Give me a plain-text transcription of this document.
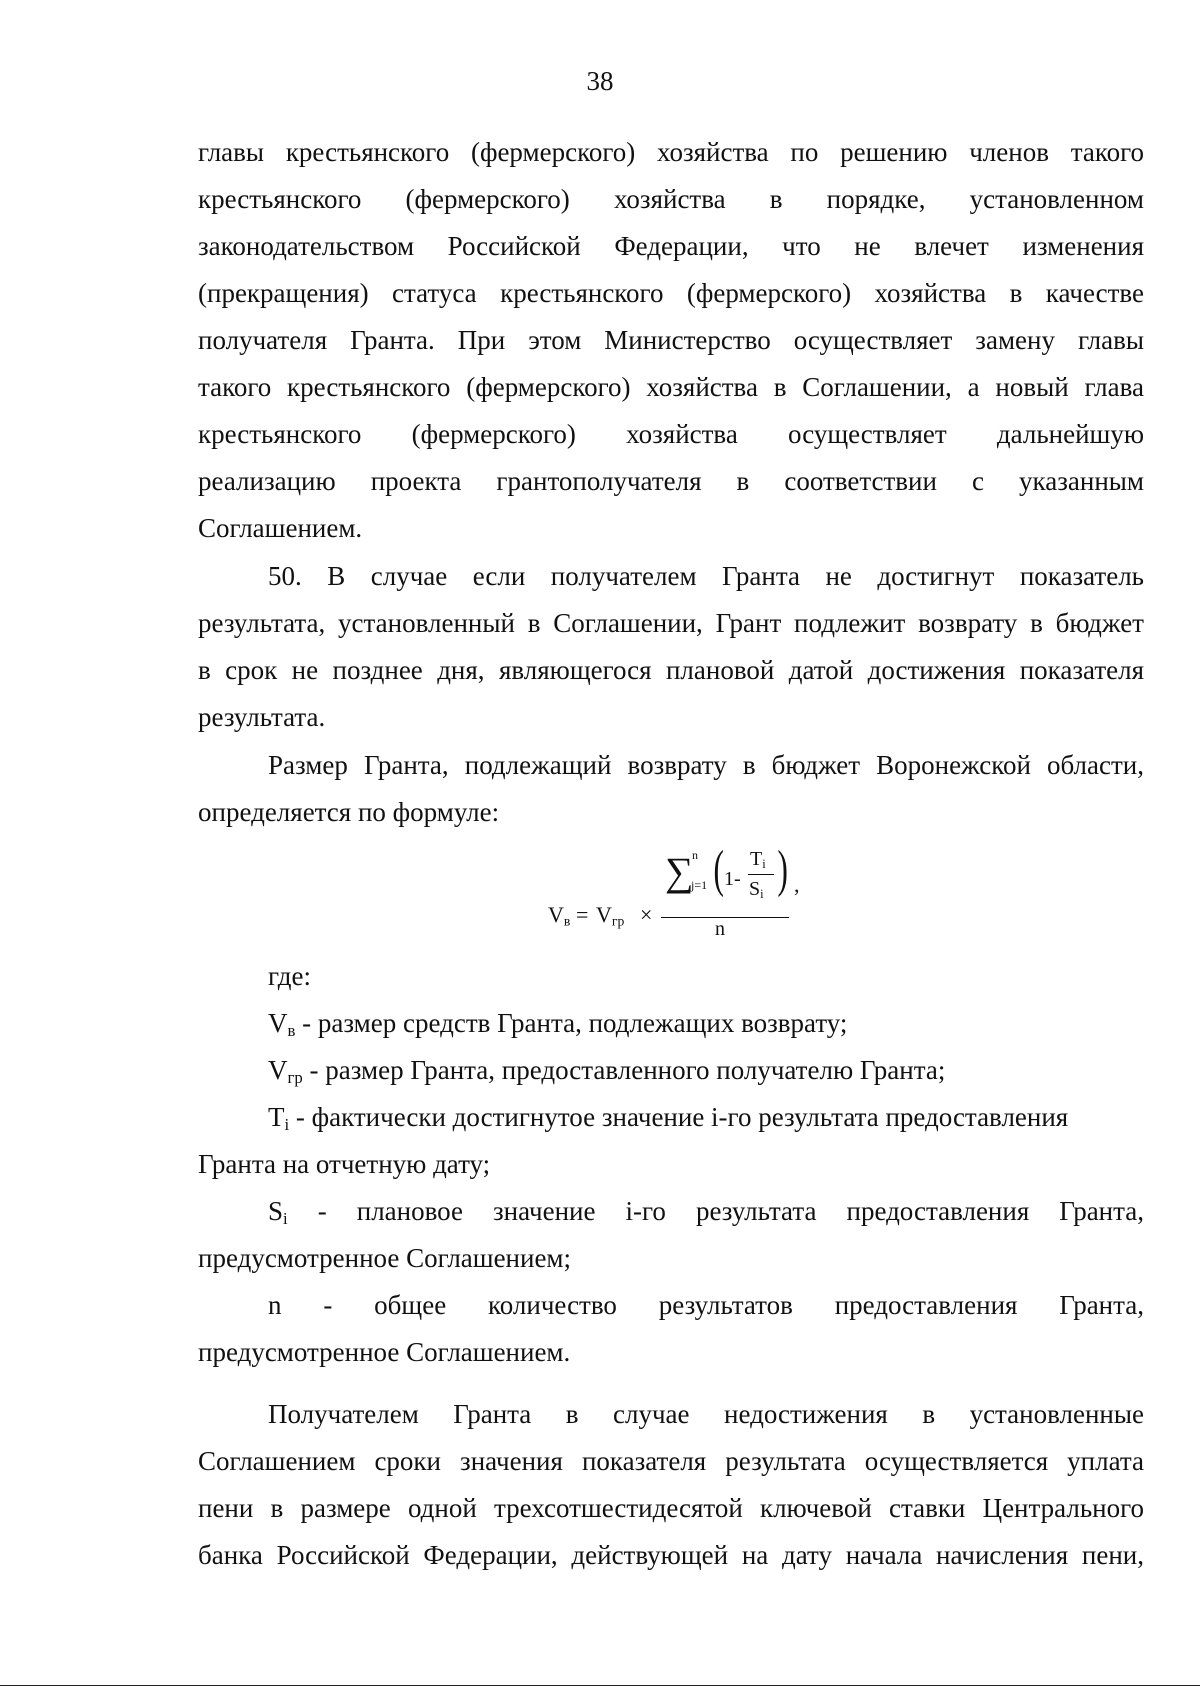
38
главы крестьянского (фермерского) хозяйства по решению членов такого
крестьянского (фермерского) хозяйства в порядке, установленном
законодательством Российской Федерации, что не влечет изменения
(прекращения) статуса крестьянского (фермерского) хозяйства в качестве
получателя Гранта. При этом Министерство осуществляет замену главы
такого крестьянского (фермерского) хозяйства в Соглашении, а новый глава
крестьянского (фермерского) хозяйства осуществляет дальнейшую
реализацию проекта грантополучателя в соответствии с указанным
Соглашением.
50. В случае если получателем Гранта не достигнут показатель
результата, установленный в Соглашении, Грант подлежит возврату в бюджет
в срок не позднее дня, являющегося плановой датой достижения показателя
результата.
Размер Гранта, подлежащий возврату в бюджет Воронежской области,
определяется по формуле:
$V_в = V_{гр}$ ×
∑
n
j=1 ( 1-
$T_i$
$S_i$ ) ,
n
где:
$V_в$ - размер средств Гранта, подлежащих возврату;
$V_{гр}$ - размер Гранта, предоставленного получателю Гранта;
$T_i$ - фактически достигнутое значение i-го результата предоставления
Гранта на отчетную дату;
$S_i$ - плановое значение i-го результата предоставления Гранта,
предусмотренное Соглашением;
n - общее количество результатов предоставления Гранта,
предусмотренное Соглашением.
Получателем Гранта в случае недостижения в установленные
Соглашением сроки значения показателя результата осуществляется уплата
пени в размере одной трехсотшестидесятой ключевой ставки Центрального
банка Российской Федерации, действующей на дату начала начисления пени,
